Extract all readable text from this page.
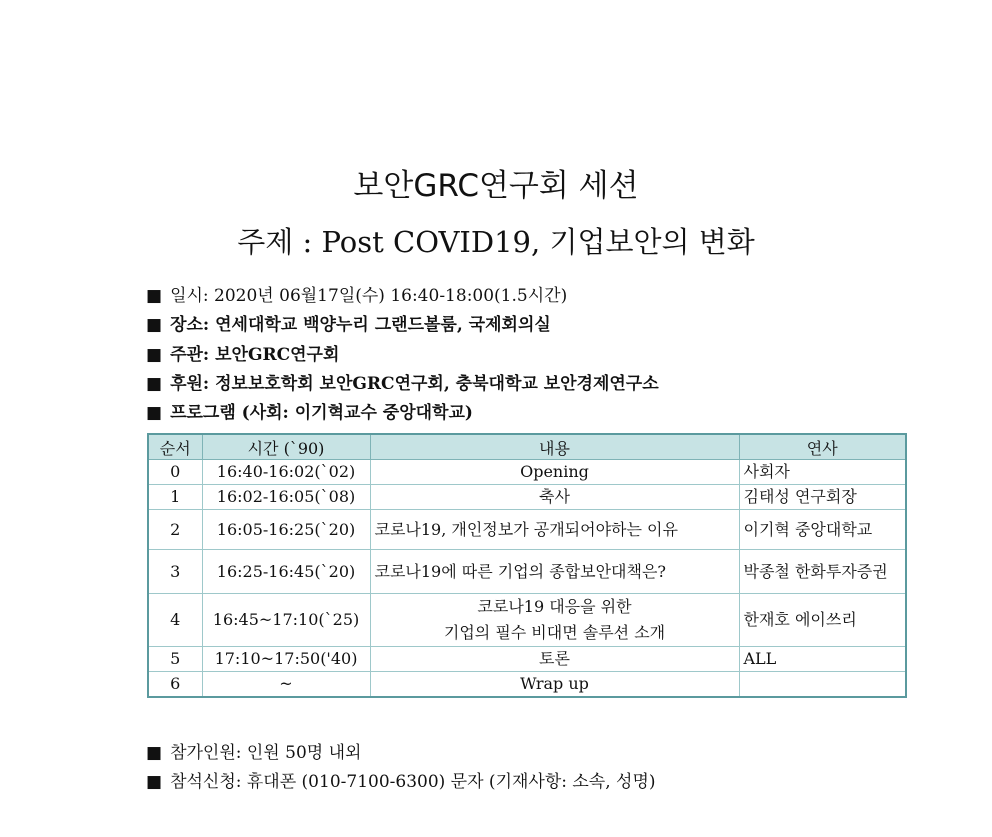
보안GRC연구회 세션
주제 : Post COVID19, 기업보안의 변화
■ 일시: 2020년 06월17일(수) 16:40-18:00(1.5시간)
■ 장소: 연세대학교 백양누리 그랜드볼룸, 국제회의실
■ 주관: 보안GRC연구회
■ 후원: 정보보호학회 보안GRC연구회, 충북대학교 보안경제연구소
■ 프로그램 (사회: 이기혁교수 중앙대학교)
순서	시간 (`90)	내용	연사
0	16:40-16:02(`02)	Opening	사회자
1	16:02-16:05(`08)	축사	김태성 연구회장
2	16:05-16:25(`20)	코로나19, 개인정보가 공개되어야하는 이유	이기혁 중앙대학교
3	16:25-16:45(`20)	코로나19에 따른 기업의 종합보안대책은?	박종철 한화투자증권
4	16:45~17:10(`25)	코로나19 대응을 위한
기업의 필수 비대면 솔루션 소개	한재호 에이쓰리
5	17:10~17:50('40)	토론	ALL
6	~	Wrap up	
■ 참가인원: 인원 50명 내외
■ 참석신청: 휴대폰 (010-7100-6300) 문자 (기재사항: 소속, 성명)
